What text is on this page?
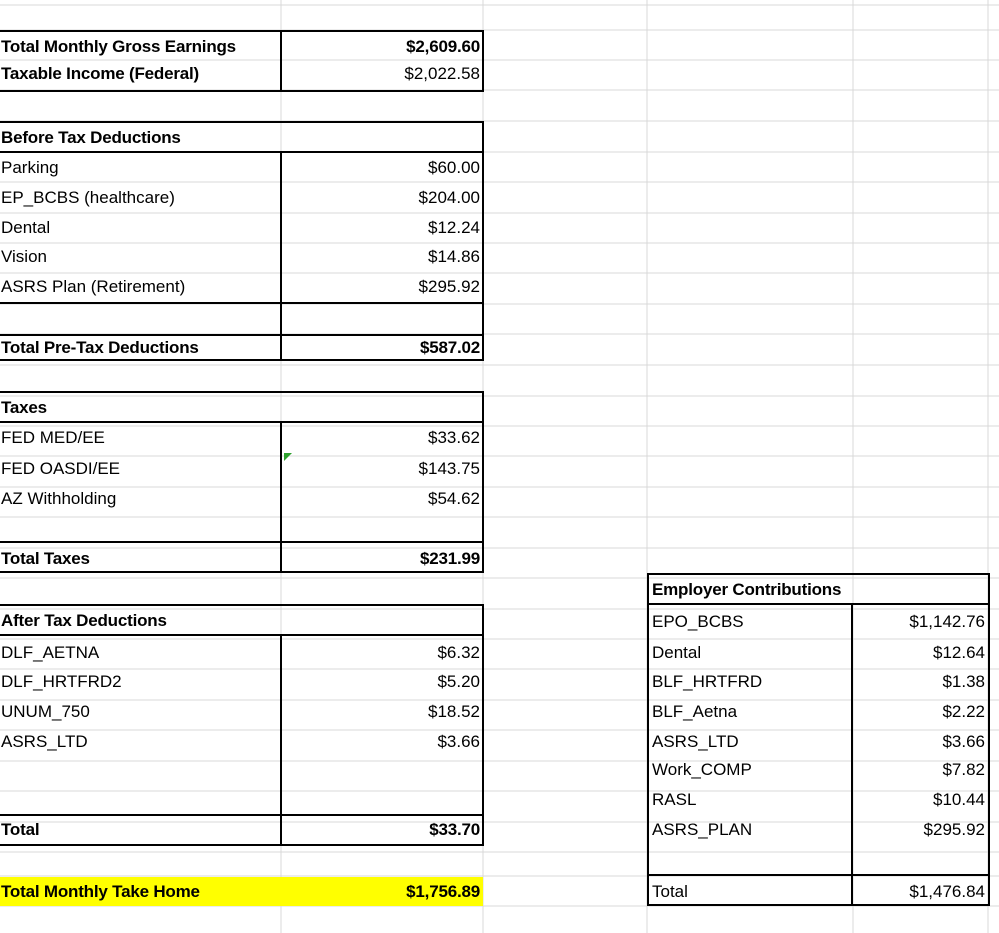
Total Monthly Gross Earnings	$2,609.60
Taxable Income (Federal)	$2,022.58
Before Tax Deductions
Parking	$60.00
EP_BCBS (healthcare)	$204.00
Dental	$12.24
Vision	$14.86
ASRS Plan (Retirement)	$295.92
Total Pre-Tax Deductions	$587.02
Taxes
FED MED/EE	$33.62
FED OASDI/EE	$143.75
AZ Withholding	$54.62
Total Taxes	$231.99
After Tax Deductions
DLF_AETNA	$6.32
DLF_HRTFRD2	$5.20
UNUM_750	$18.52
ASRS_LTD	$3.66
Total	$33.70
Total Monthly Take Home	$1,756.89
Employer Contributions
EPO_BCBS	$1,142.76
Dental	$12.64
BLF_HRTFRD	$1.38
BLF_Aetna	$2.22
ASRS_LTD	$3.66
Work_COMP	$7.82
RASL	$10.44
ASRS_PLAN	$295.92
Total	$1,476.84
